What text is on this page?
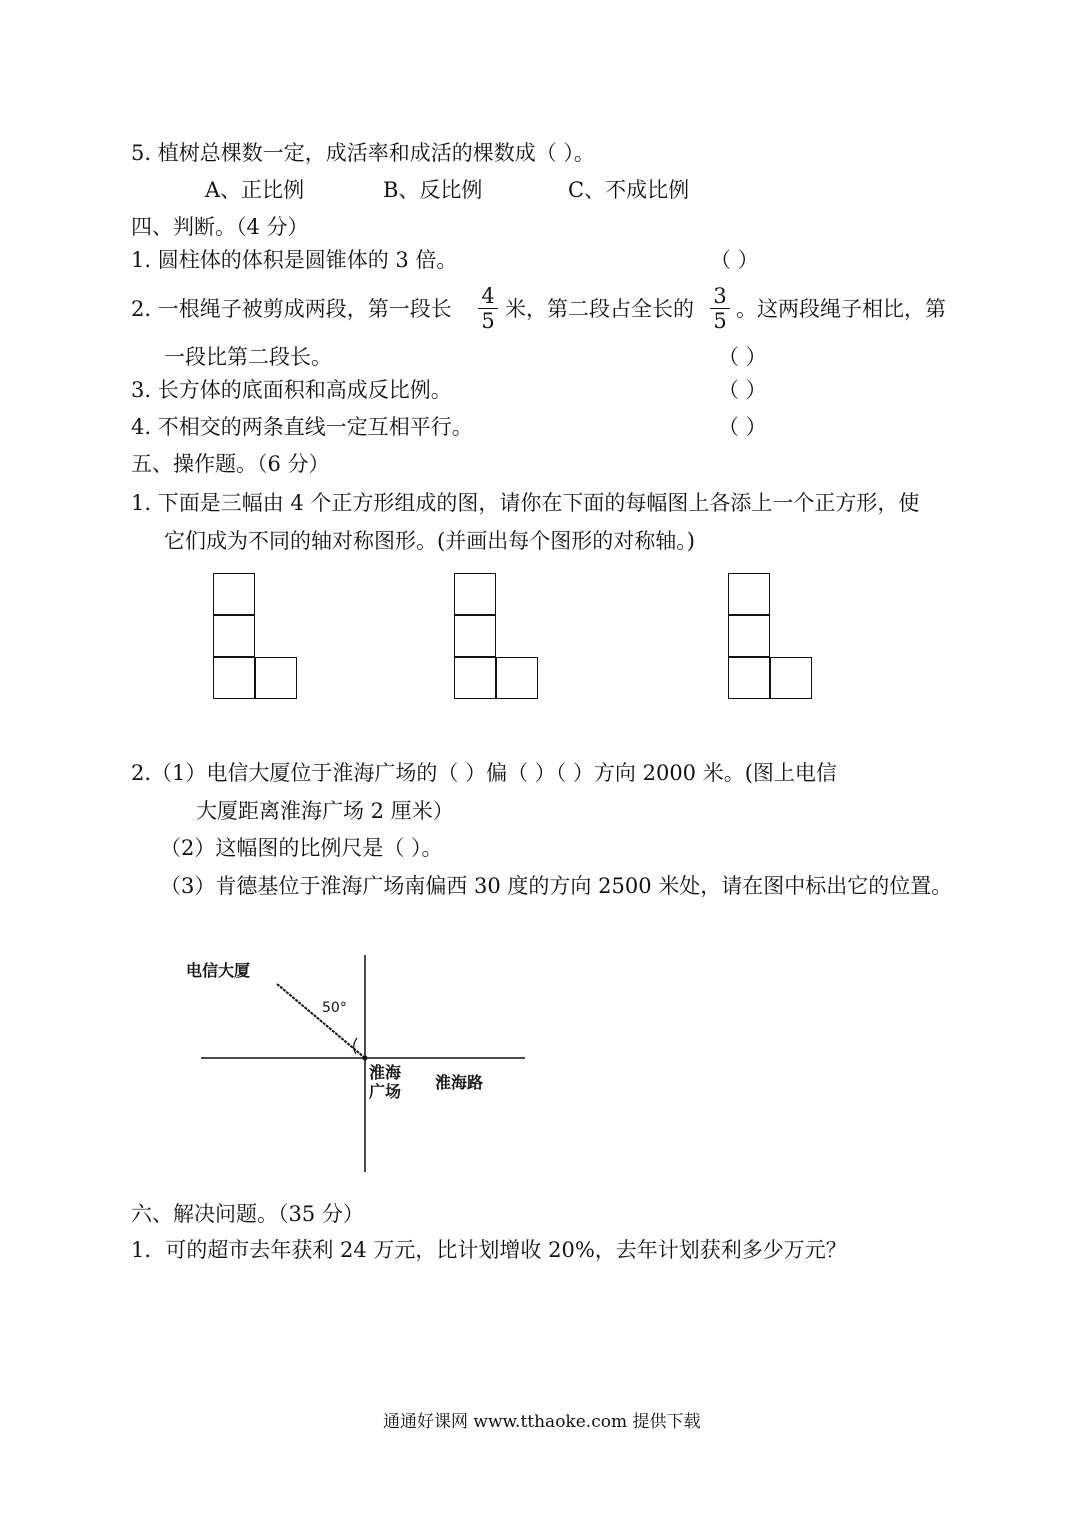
5. 植树总棵数一定，成活率和成活的棵数成（ ）。
A、正比例	B、反比例	C、不成比例
四、判断。（4 分）
1. 圆柱体的体积是圆锥体的 3 倍。	（ ）
2. 一根绳子被剪成两段，第一段长 $\frac{4}{5}$ 米，第二段占全长的 $\frac{3}{5}$ 。这两段绳子相比，第
一段比第二段长。	（ ）
3. 长方体的底面积和高成反比例。	（ ）
4. 不相交的两条直线一定互相平行。	（ ）
五、操作题。（6 分）
1. 下面是三幅由 4 个正方形组成的图，请你在下面的每幅图上各添上一个正方形，使
它们成为不同的轴对称图形。(并画出每个图形的对称轴。)
2.（1）电信大厦位于淮海广场的（ ）偏（ ）（ ）方向 2000 米。(图上电信
大厦距离淮海广场 2 厘米）
（2）这幅图的比例尺是（ ）。
（3）肯德基位于淮海广场南偏西 30 度的方向 2500 米处，请在图中标出它的位置。
电信大厦
50°
淮海
广场 淮海路
六、解决问题。（35 分）
1．可的超市去年获利 24 万元，比计划增收 20%，去年计划获利多少万元？
通通好课网 www.tthaoke.com 提供下载
